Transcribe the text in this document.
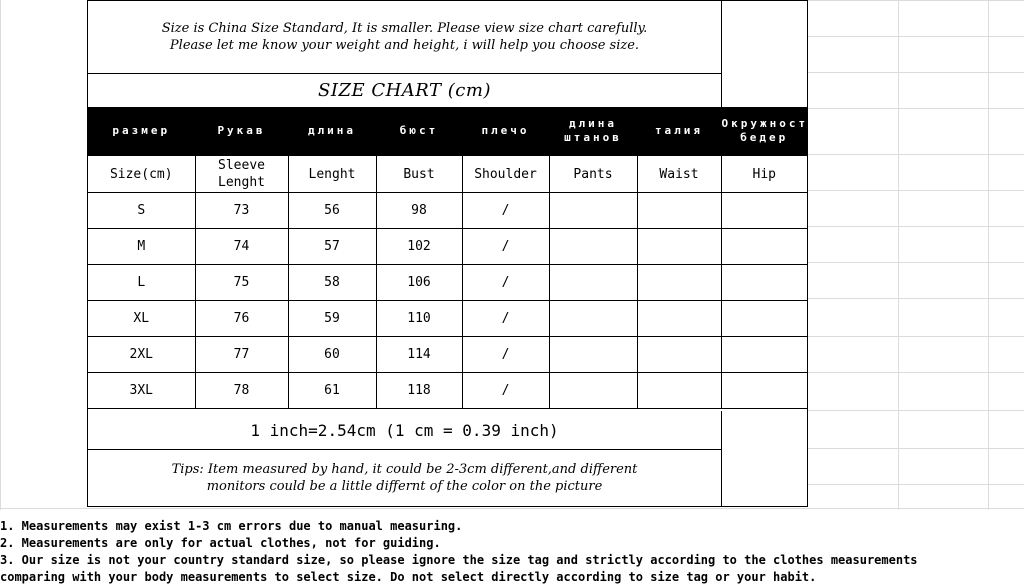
Size is China Size Standard, It is smaller. Please view size chart carefully.
Please let me know your weight and height, i will help you choose size.
SIZE CHART (cm)
размер	Рукав	длина	бюст	плечо	длина штанов	талия	Окружность бедер
Size(cm)	Sleeve Lenght	Lenght	Bust	Shoulder	Pants	Waist	Hip
S	73	56	98	/			
M	74	57	102	/			
L	75	58	106	/			
XL	76	59	110	/			
2XL	77	60	114	/			
3XL	78	61	118	/			
1 inch=2.54cm (1 cm = 0.39 inch)
Tips: Item measured by hand, it could be 2-3cm different,and different
monitors could be a little differnt of the color on the picture
1. Measurements may exist 1-3 cm errors due to manual measuring.
2. Measurements are only for actual clothes, not for guiding.
3. Our size is not your country standard size, so please ignore the size tag and strictly according to the clothes measurements
comparing with your body measurements to select size. Do not select directly according to size tag or your habit.
